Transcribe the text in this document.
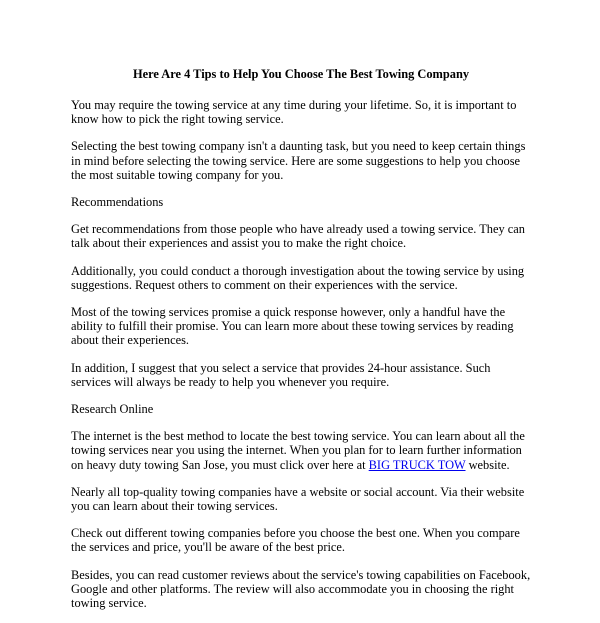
Here Are 4 Tips to Help You Choose The Best Towing Company

You may require the towing service at any time during your lifetime. So, it is important to know how to pick the right towing service.

Selecting the best towing company isn't a daunting task, but you need to keep certain things in mind before selecting the towing service. Here are some suggestions to help you choose the most suitable towing company for you.

Recommendations

Get recommendations from those people who have already used a towing service. They can talk about their experiences and assist you to make the right choice.

Additionally, you could conduct a thorough investigation about the towing service by using suggestions. Request others to comment on their experiences with the service.

Most of the towing services promise a quick response however, only a handful have the ability to fulfill their promise. You can learn more about these towing services by reading about their experiences.

In addition, I suggest that you select a service that provides 24-hour assistance. Such services will always be ready to help you whenever you require.

Research Online

The internet is the best method to locate the best towing service. You can learn about all the towing services near you using the internet. When you plan for to learn further information on heavy duty towing San Jose, you must click over here at BIG TRUCK TOW website.

Nearly all top-quality towing companies have a website or social account. Via their website you can learn about their towing services.

Check out different towing companies before you choose the best one. When you compare the services and price, you'll be aware of the best price.

Besides, you can read customer reviews about the service's towing capabilities on Facebook, Google and other platforms. The review will also accommodate you in choosing the right towing service.
